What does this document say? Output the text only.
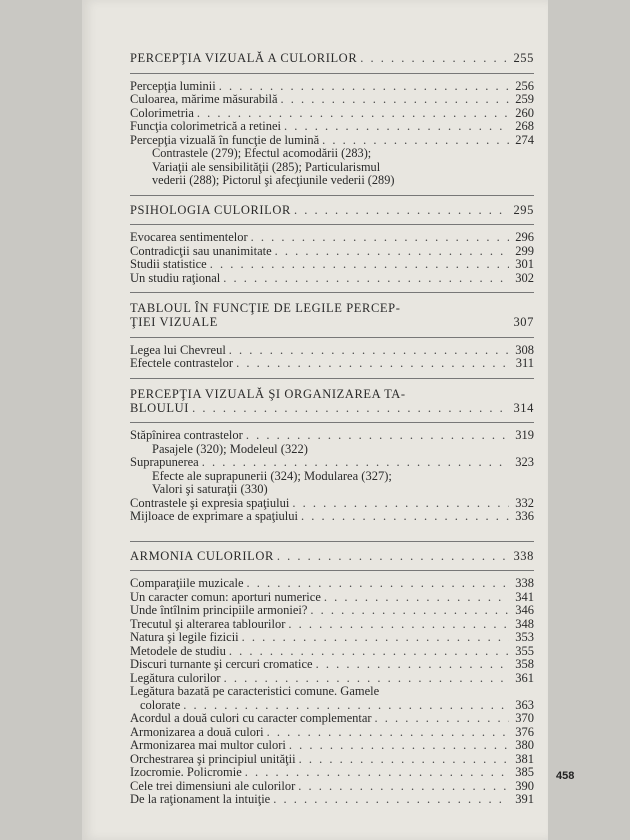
PERCEPŢIA VIZUALĂ A CULORILOR . . .	255
Percepţia luminii . . .	256
Culoarea, mărime măsurabilă . . .	259
Colorimetria . . .	260
Funcţia colorimetrică a retinei . . .	268
Percepţia vizuală în funcţie de lumină . . .	274
Contrastele (279); Efectul acomodării (283);
Variaţii ale sensibilităţii (285); Particularismul
vederii (288); Pictorul şi afecţiunile vederii (289)
PSIHOLOGIA CULORILOR . . .	295
Evocarea sentimentelor . . .	296
Contradicţii sau unanimitate . . .	299
Studii statistice . . .	301
Un studiu raţional . . .	302
TABLOUL ÎN FUNCŢIE DE LEGILE PERCEP-
ŢIEI VIZUALE	307
Legea lui Chevreul . . .	308
Efectele contrastelor . . .	311
PERCEPŢIA VIZUALĂ ŞI ORGANIZAREA TA-
BLOULUI . . .	314
Stăpînirea contrastelor . . .	319
Pasajele (320); Modeleul (322)
Suprapunerea . . .	323
Efecte ale suprapunerii (324); Modularea (327);
Valori şi saturaţii (330)
Contrastele şi expresia spaţiului . . .	332
Mijloace de exprimare a spaţiului . . .	336
ARMONIA CULORILOR . . .	338
Comparaţiile muzicale . . .	338
Un caracter comun: aporturi numerice . . .	341
Unde întîlnim principiile armoniei? . . .	346
Trecutul şi alterarea tablourilor . . .	348
Natura şi legile fizicii . . .	353
Metodele de studiu . . .	355
Discuri turnante şi cercuri cromatice . . .	358
Legătura culorilor . . .	361
Legătura bazată pe caracteristici comune. Gamele
colorate . . .	363
Acordul a două culori cu caracter complementar . . .	370
Armonizarea a două culori . . .	376
Armonizarea mai multor culori . . .	380
Orchestrarea şi principiul unităţii . . .	381
Izocromie. Policromie . . .	385
Cele trei dimensiuni ale culorilor . . .	390
De la raţionament la intuiţie . . .	391
458
